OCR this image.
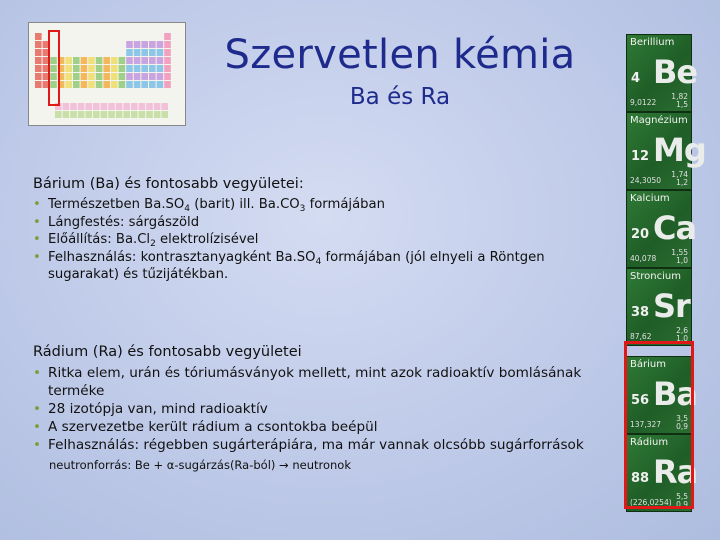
Szervetlen kémia
Ba és Ra
Bárium (Ba) és fontosabb vegyületei:
• Természetben $Ba.SO_4$ (barit) ill. $Ba.CO_3$ formájában
• Lángfestés: sárgászöld
• Előállítás: $Ba.Cl_2$ elektrolízisével
• Felhasználás: kontrasztanyagként $Ba.SO_4$ formájában (jól elnyeli a Röntgen sugarakat) és tűzijátékban.
Rádium (Ra) és fontosabb vegyületei
• Ritka elem, urán és tóriumásványok mellett, mint azok radioaktív bomlásának terméke
• 28 izotópja van, mind radioaktív
• A szervezetbe került rádium a csontokba beépül
• Felhasználás: régebben sugárterápiára, ma már vannak olcsóbb sugárforrások
neutronforrás: Be + α-sugárzás(Ra-ból) → neutronok
Berillium
4 Be
9,0122
1,82
1,5
Magnézium
12 Mg
24,3050
1,74
1,2
Kalcium
20 Ca
40,078
1,55
1,0
Stroncium
38 Sr
87,62
2,6
1,0
Bárium
56 Ba
137,327
3,5
0,9
Rádium
88 Ra
(226,0254)
5,5
0,9
